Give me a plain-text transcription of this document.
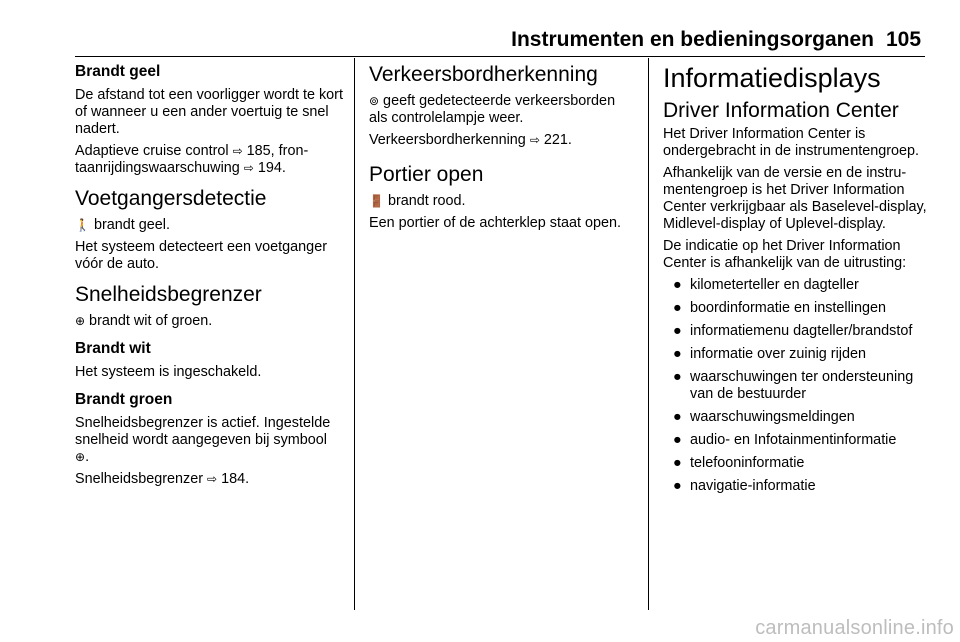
Instrumenten en bedieningsorganen 105
Brandt geel

De afstand tot een voorligger wordt te kort of wanneer u een ander voertuig te snel nadert.

Adaptieve cruise control ⇨ 185, frontaanrijdingswaarschuwing ⇨ 194.

Voetgangersdetectie

🚶 brandt geel.

Het systeem detecteert een voetganger vóór de auto.

Snelheidsbegrenzer

⊕ brandt wit of groen.

Brandt wit

Het systeem is ingeschakeld.

Brandt groen

Snelheidsbegrenzer is actief. Ingestelde snelheid wordt aangegeven bij symbool ⊕.

Snelheidsbegrenzer ⇨ 184.

Verkeersbordherkenning

⊚ geeft gedetecteerde verkeersborden als controlelampje weer.

Verkeersbordherkenning ⇨ 221.

Portier open

🚪 brandt rood.

Een portier of de achterklep staat open.

Informatiedisplays
Driver Information Center

Het Driver Information Center is ondergebracht in de instrumentengroep.

Afhankelijk van de versie en de instrumentengroep is het Driver Information Center verkrijgbaar als Baselevel-display, Midlevel-display of Uplevel-display.

De indicatie op het Driver Information Center is afhankelijk van de uitrusting:

● kilometerteller en dagteller
● boordinformatie en instellingen
● informatiemenu dagteller/brandstof
● informatie over zuinig rijden
● waarschuwingen ter ondersteuning van de bestuurder
● waarschuwingsmeldingen
● audio- en Infotainmentinformatie
● telefooninformatie
● navigatie-informatie
carmanualsonline.info
